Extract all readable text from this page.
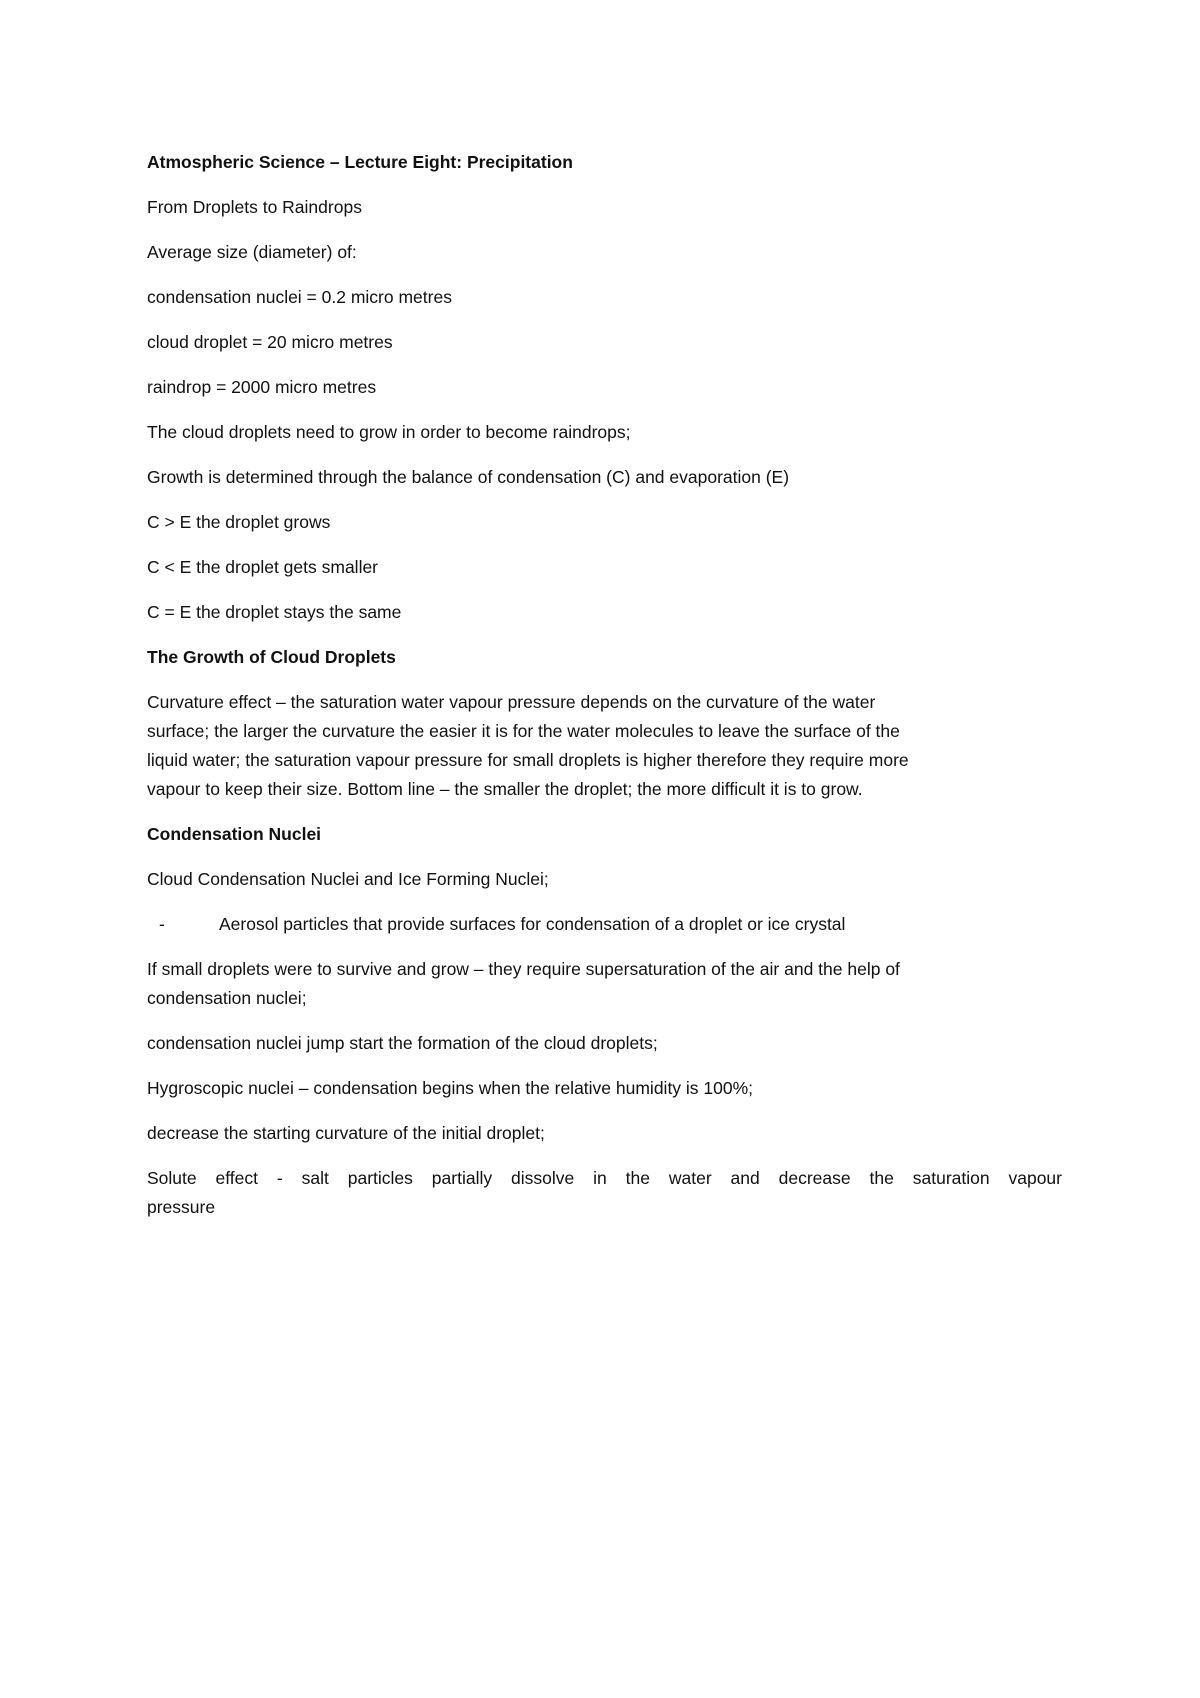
Atmospheric Science – Lecture Eight: Precipitation

From Droplets to Raindrops

Average size (diameter) of:

condensation nuclei = 0.2 micro metres

cloud droplet = 20 micro metres

raindrop = 2000 micro metres

The cloud droplets need to grow in order to become raindrops;

Growth is determined through the balance of condensation (C) and evaporation (E)

C > E the droplet grows

C < E the droplet gets smaller

C = E the droplet stays the same

The Growth of Cloud Droplets

Curvature effect – the saturation water vapour pressure depends on the curvature of the water
surface; the larger the curvature the easier it is for the water molecules to leave the surface of the
liquid water; the saturation vapour pressure for small droplets is higher therefore they require more
vapour to keep their size. Bottom line – the smaller the droplet; the more difficult it is to grow.

Condensation Nuclei

Cloud Condensation Nuclei and Ice Forming Nuclei;

-	Aerosol particles that provide surfaces for condensation of a droplet or ice crystal

If small droplets were to survive and grow – they require supersaturation of the air and the help of
condensation nuclei;

condensation nuclei jump start the formation of the cloud droplets;

Hygroscopic nuclei – condensation begins when the relative humidity is 100%;

decrease the starting curvature of the initial droplet;

Solute effect - salt particles partially dissolve in the water and decrease the saturation vapour
pressure
